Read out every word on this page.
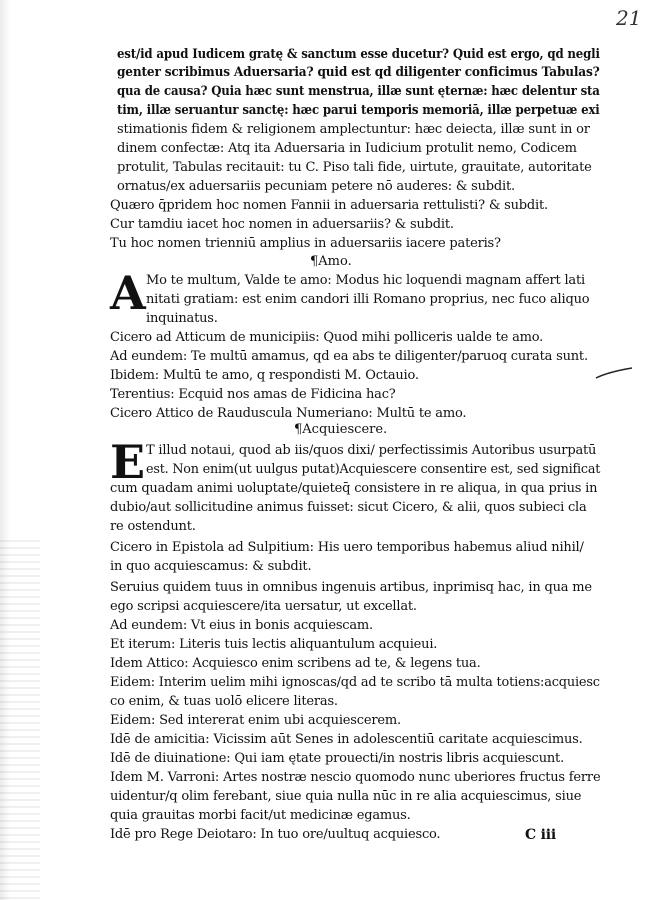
21
est/id apud Iudicem gratę & sanctum esse ducetur? Quid est ergo, qd negli
genter scribimus Aduersaria? quid est qd diligenter conficimus Tabulas?
qua de causa? Quia hæc sunt menstrua, illæ sunt ęternæ: hæc delentur sta
tim, illæ seruantur sanctę: hæc parui temporis memoriā, illæ perpetuæ exi
stimationis fidem & religionem amplectuntur: hæc deiecta, illæ sunt in or
dinem confectæ: Atq ita Aduersaria in Iudicium protulit nemo, Codicem
protulit, Tabulas recitauit: tu C. Piso tali fide, uirtute, grauitate, autoritate
ornatus/ex aduersariis pecuniam petere nō auderes: & subdit.
Quæro q̄pridem hoc nomen Fannii in aduersaria rettulisti? & subdit.
Cur tamdiu iacet hoc nomen in aduersariis? & subdit.
Tu hoc nomen trienniū amplius in aduersariis iacere pateris?
¶Amo.
A Mo te multum, Valde te amo: Modus hic loquendi magnam affert lati
nitati gratiam: est enim candori illi Romano proprius, nec fuco aliquo
inquinatus.
Cicero ad Atticum de municipiis: Quod mihi polliceris ualde te amo.
Ad eundem: Te multū amamus, qd ea abs te diligenter/paruoq curata sunt.
Ibidem: Multū te amo, q respondisti M. Octauio.
Terentius: Ecquid nos amas de Fidicina hac?
Cicero Attico de Rauduscula Numeriano: Multū te amo.
¶Acquiescere.
E T illud notaui, quod ab iis/quos dixi/ perfectissimis Autoribus usurpatū
est. Non enim(ut uulgus putat)Acquiescere consentire est, sed significat
cum quadam animi uoluptate/quieteq̄ consistere in re aliqua, in qua prius in
dubio/aut sollicitudine animus fuisset: sicut Cicero, & alii, quos subieci cla
re ostendunt.
Cicero in Epistola ad Sulpitium: His uero temporibus habemus aliud nihil/
in quo acquiescamus: & subdit.
Seruius quidem tuus in omnibus ingenuis artibus, inprimisq hac, in qua me
ego scripsi acquiescere/ita uersatur, ut excellat.
Ad eundem: Vt eius in bonis acquiescam.
Et iterum: Literis tuis lectis aliquantulum acquieui.
Idem Attico: Acquiesco enim scribens ad te, & legens tua.
Eidem: Interim uelim mihi ignoscas/qd ad te scribo tā multa totiens:acquiesc
co enim, & tuas uolō elicere literas.
Eidem: Sed intererat enim ubi acquiescerem.
Idē de amicitia: Vicissim aūt Senes in adolescentiū caritate acquiescimus.
Idē de diuinatione: Qui iam ętate prouecti/in nostris libris acquiescunt.
Idem M. Varroni: Artes nostræ nescio quomodo nunc uberiores fructus ferre
uidentur/q olim ferebant, siue quia nulla nūc in re alia acquiescimus, siue
quia grauitas morbi facit/ut medicinæ egamus.
Idē pro Rege Deiotaro: In tuo ore/uultuq acquiesco.	C iii
